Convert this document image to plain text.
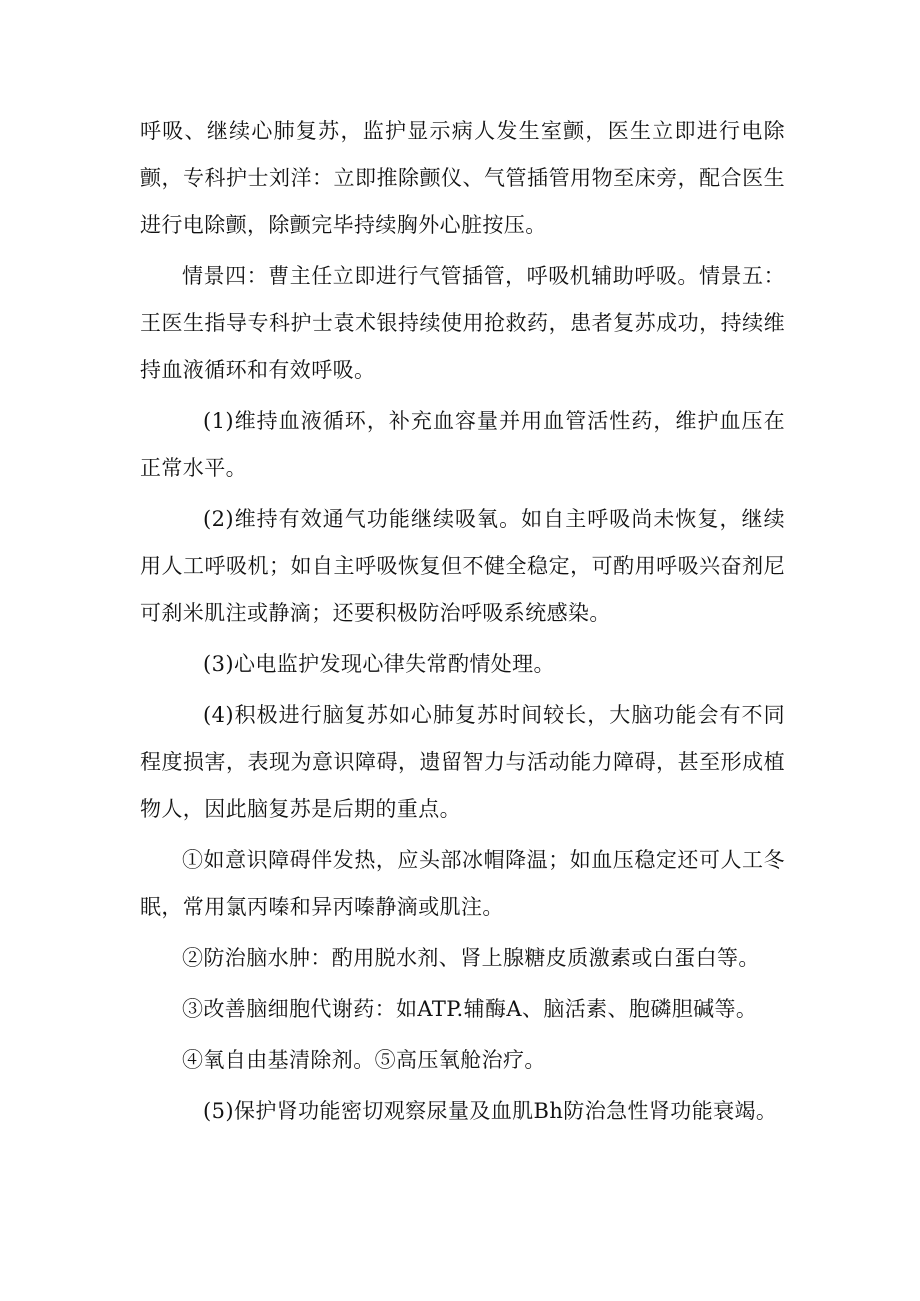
呼吸、继续心肺复苏，监护显示病人发生室颤，医生立即进行电除颤，专科护士刘洋：立即推除颤仪、气管插管用物至床旁，配合医生进行电除颤，除颤完毕持续胸外心脏按压。

情景四：曹主任立即进行气管插管，呼吸机辅助呼吸。情景五：王医生指导专科护士袁术银持续使用抢救药，患者复苏成功，持续维持血液循环和有效呼吸。

(1)维持血液循环，补充血容量并用血管活性药，维护血压在正常水平。

(2)维持有效通气功能继续吸氧。如自主呼吸尚未恢复，继续用人工呼吸机；如自主呼吸恢复但不健全稳定，可酌用呼吸兴奋剂尼可刹米肌注或静滴；还要积极防治呼吸系统感染。

(3)心电监护发现心律失常酌情处理。

(4)积极进行脑复苏如心肺复苏时间较长，大脑功能会有不同程度损害，表现为意识障碍，遗留智力与活动能力障碍，甚至形成植物人，因此脑复苏是后期的重点。

①如意识障碍伴发热，应头部冰帽降温；如血压稳定还可人工冬眠，常用氯丙嗪和异丙嗪静滴或肌注。

②防治脑水肿：酌用脱水剂、肾上腺糖皮质激素或白蛋白等。

③改善脑细胞代谢药：如ATP.辅酶A、脑活素、胞磷胆碱等。

④氧自由基清除剂。⑤高压氧舱治疗。

(5)保护肾功能密切观察尿量及血肌Bh防治急性肾功能衰竭。
